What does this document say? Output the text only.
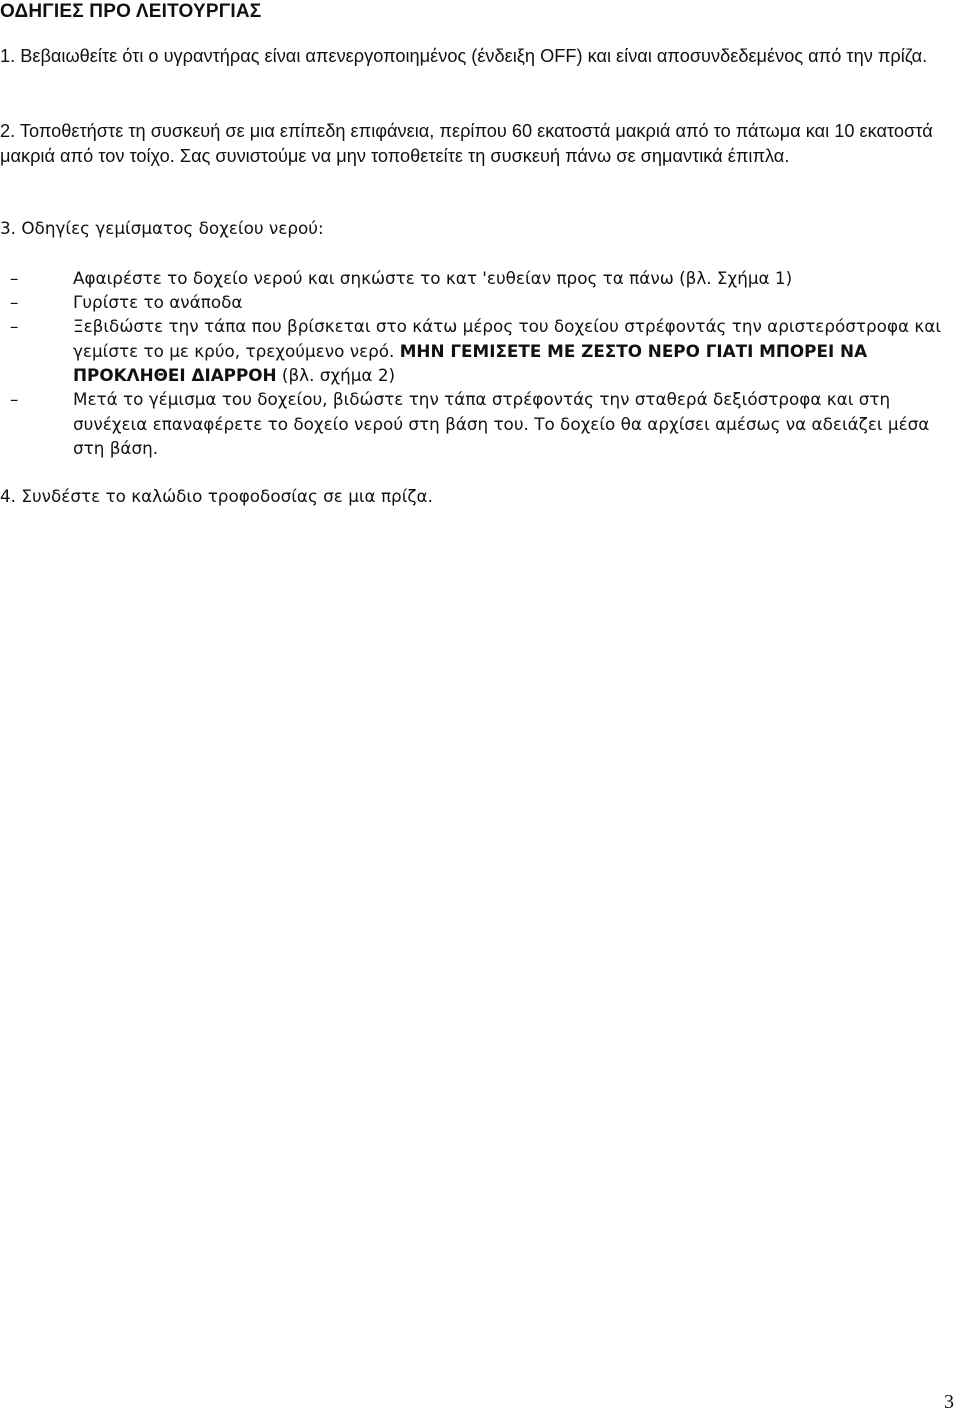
ΟΔΗΓΙΕΣ ΠΡΟ ΛΕΙΤΟΥΡΓΙΑΣ
1. Βεβαιωθείτε ότι ο υγραντήρας είναι απενεργοποιημένος (ένδειξη OFF) και είναι αποσυνδεδεμένος από την πρίζα.
2. Τοποθετήστε τη συσκευή σε μια επίπεδη επιφάνεια, περίπου 60 εκατοστά μακριά από το πάτωμα και 10 εκατοστά μακριά από τον τοίχο. Σας συνιστούμε να μην τοποθετείτε τη συσκευή πάνω σε σημαντικά έπιπλα.
3. Οδηγίες γεμίσματος δοχείου νερού:
–	Αφαιρέστε το δοχείο νερού και σηκώστε το κατ 'ευθείαν προς τα πάνω (βλ. Σχήμα 1)
–	Γυρίστε το ανάποδα
–	Ξεβιδώστε την τάπα που βρίσκεται στο κάτω μέρος του δοχείου στρέφοντάς την αριστερόστροφα και γεμίστε το με κρύο, τρεχούμενο νερό. ΜΗΝ ΓΕΜΙΣΕΤΕ ΜΕ ΖΕΣΤΟ ΝΕΡΟ ΓΙΑΤΙ ΜΠΟΡΕΙ ΝΑ ΠΡΟΚΛΗΘΕΙ ΔΙΑΡΡΟΗ (βλ. σχήμα 2)
–	Μετά το γέμισμα του δοχείου, βιδώστε την τάπα στρέφοντάς την σταθερά δεξιόστροφα και στη συνέχεια επαναφέρετε το δοχείο νερού στη βάση του. Το δοχείο θα αρχίσει αμέσως να αδειάζει μέσα στη βάση.
4. Συνδέστε το καλώδιο τροφοδοσίας σε μια πρίζα.
3
